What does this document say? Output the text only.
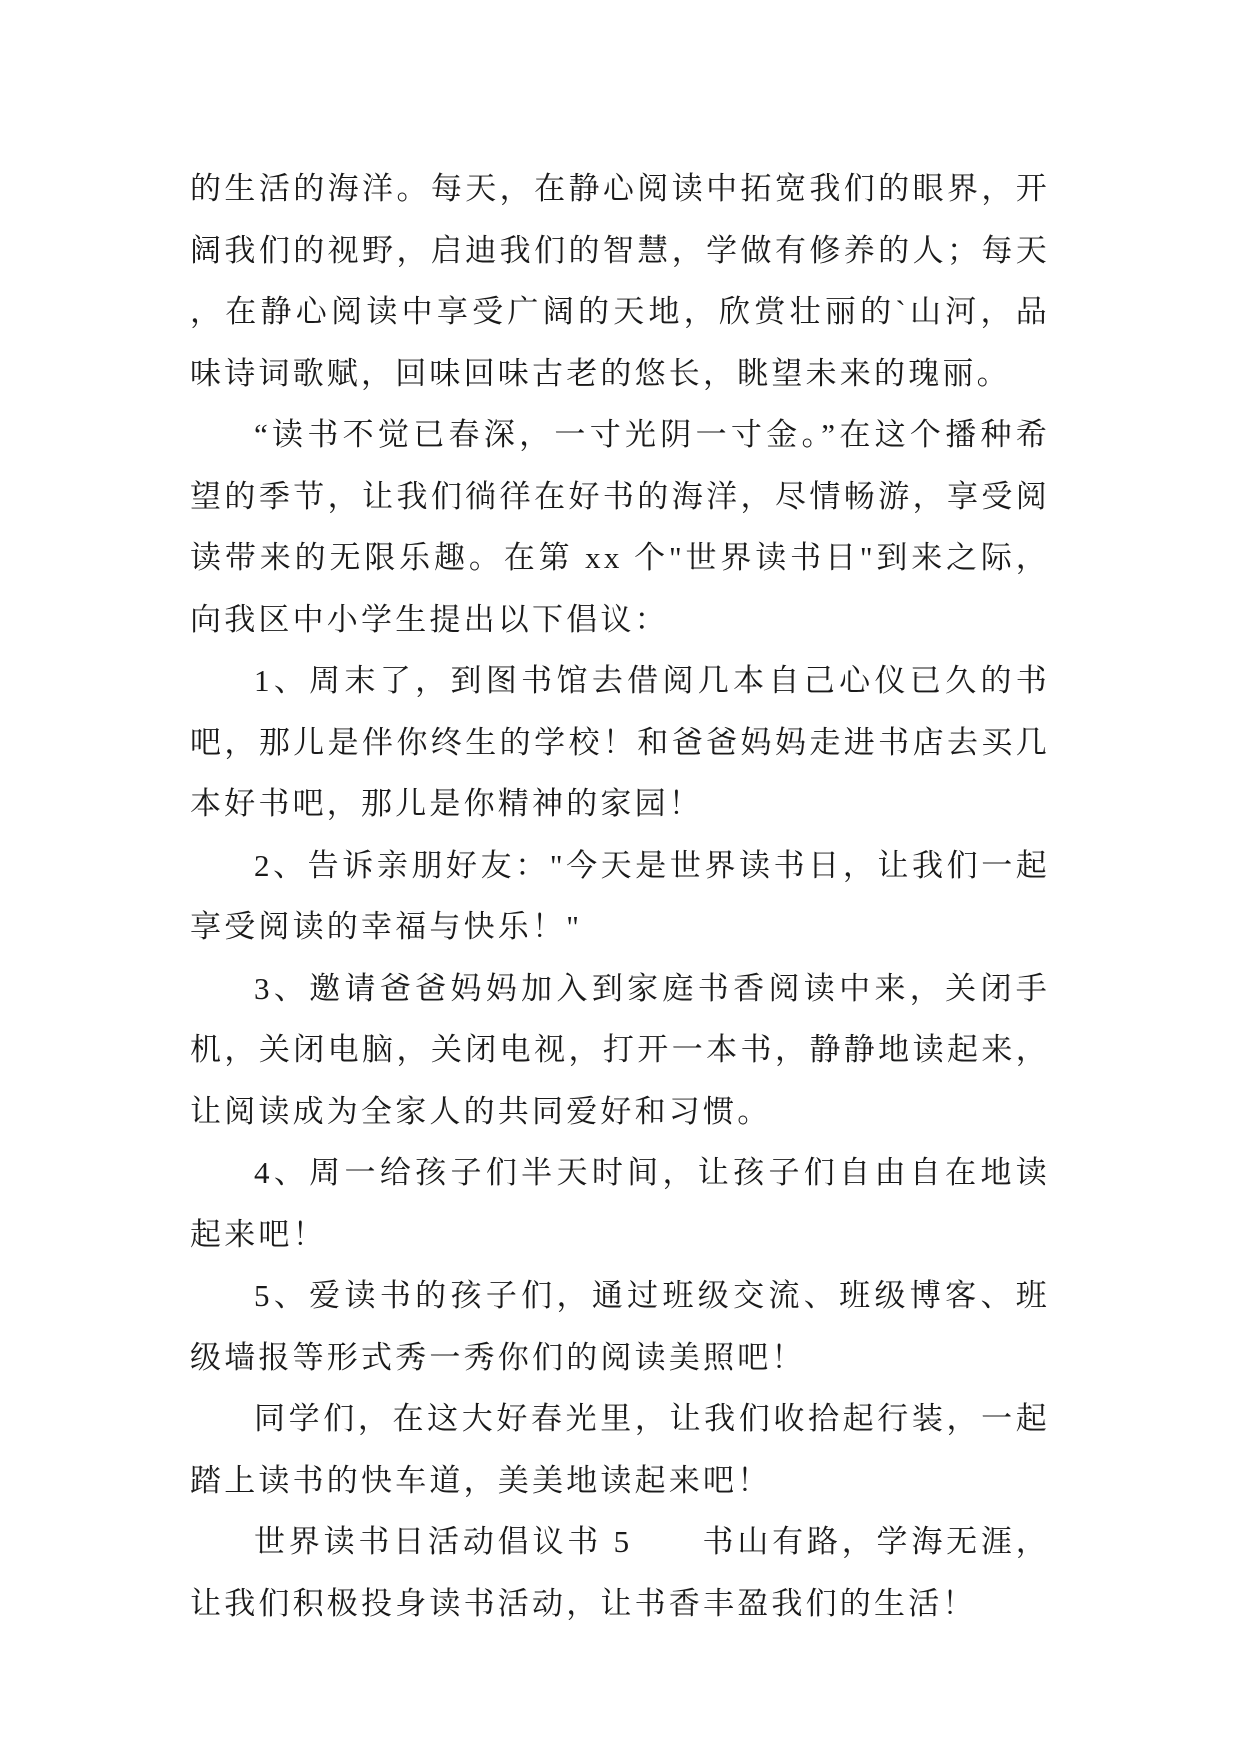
的生活的海洋。每天，在静心阅读中拓宽我们的眼界，开阔我们的视野，启迪我们的智慧，学做有修养的人；每天，在静心阅读中享受广阔的天地，欣赏壮丽的`山河，品味诗词歌赋，回味回味古老的悠长，眺望未来的瑰丽。

“读书不觉已春深，一寸光阴一寸金。”在这个播种希望的季节，让我们徜徉在好书的海洋，尽情畅游，享受阅读带来的无限乐趣。在第 xx 个"世界读书日"到来之际，向我区中小学生提出以下倡议：

1、周末了，到图书馆去借阅几本自己心仪已久的书吧，那儿是伴你终生的学校！和爸爸妈妈走进书店去买几本好书吧，那儿是你精神的家园！

2、告诉亲朋好友："今天是世界读书日，让我们一起享受阅读的幸福与快乐！"

3、邀请爸爸妈妈加入到家庭书香阅读中来，关闭手机，关闭电脑，关闭电视，打开一本书，静静地读起来，让阅读成为全家人的共同爱好和习惯。

4、周一给孩子们半天时间，让孩子们自由自在地读起来吧！

5、爱读书的孩子们，通过班级交流、班级博客、班级墙报等形式秀一秀你们的阅读美照吧！

同学们，在这大好春光里，让我们收拾起行装，一起踏上读书的快车道，美美地读起来吧！

世界读书日活动倡议书 5　　书山有路，学海无涯，让我们积极投身读书活动，让书香丰盈我们的生活！
